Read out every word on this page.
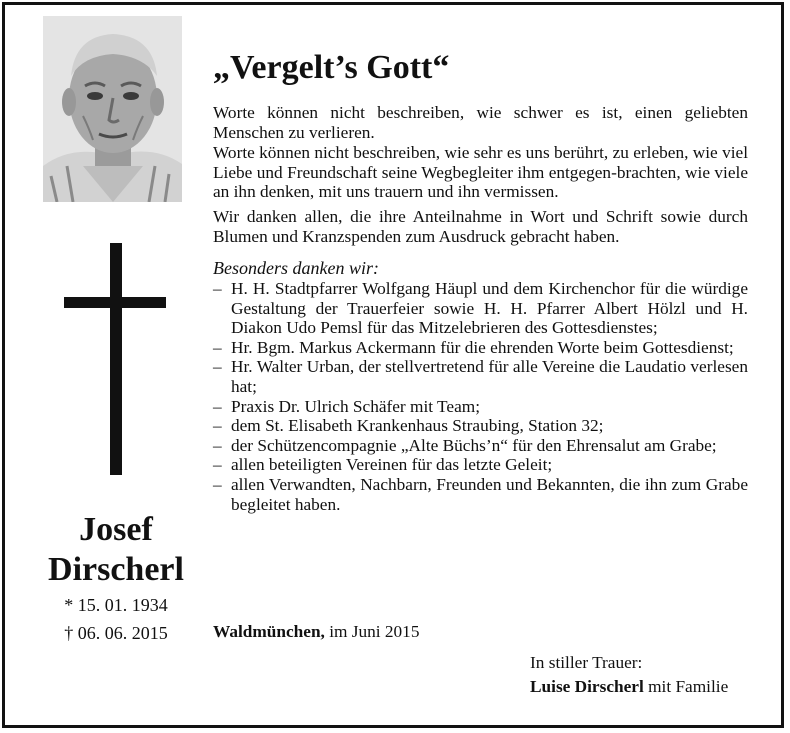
Josef
Dirscherl
* 15. 01. 1934
† 06. 06. 2015
„Vergelt’s Gott“

Worte können nicht beschreiben, wie schwer es ist, einen geliebten Menschen zu verlieren.

Worte können nicht beschreiben, wie sehr es uns berührt, zu erleben, wie viel Liebe und Freundschaft seine Wegbegleiter ihm entgegen-brachten, wie viele an ihn denken, mit uns trauern und ihn vermissen.

Wir danken allen, die ihre Anteilnahme in Wort und Schrift sowie durch Blumen und Kranzspenden zum Ausdruck gebracht haben.

Besonders danken wir:
– H. H. Stadtpfarrer Wolfgang Häupl und dem Kirchenchor für die würdige Gestaltung der Trauerfeier sowie H. H. Pfarrer Albert Hölzl und H. Diakon Udo Pemsl für das Mitzelebrieren des Gottesdienstes;
– Hr. Bgm. Markus Ackermann für die ehrenden Worte beim Gottesdienst;
– Hr. Walter Urban, der stellvertretend für alle Vereine die Laudatio verlesen hat;
– Praxis Dr. Ulrich Schäfer mit Team;
– dem St. Elisabeth Krankenhaus Straubing, Station 32;
– der Schützencompagnie „Alte Büchs’n“ für den Ehrensalut am Grabe;
– allen beteiligten Vereinen für das letzte Geleit;
– allen Verwandten, Nachbarn, Freunden und Bekannten, die ihn zum Grabe begleitet haben.
Waldmünchen, im Juni 2015
In stiller Trauer:
Luise Dirscherl mit Familie
